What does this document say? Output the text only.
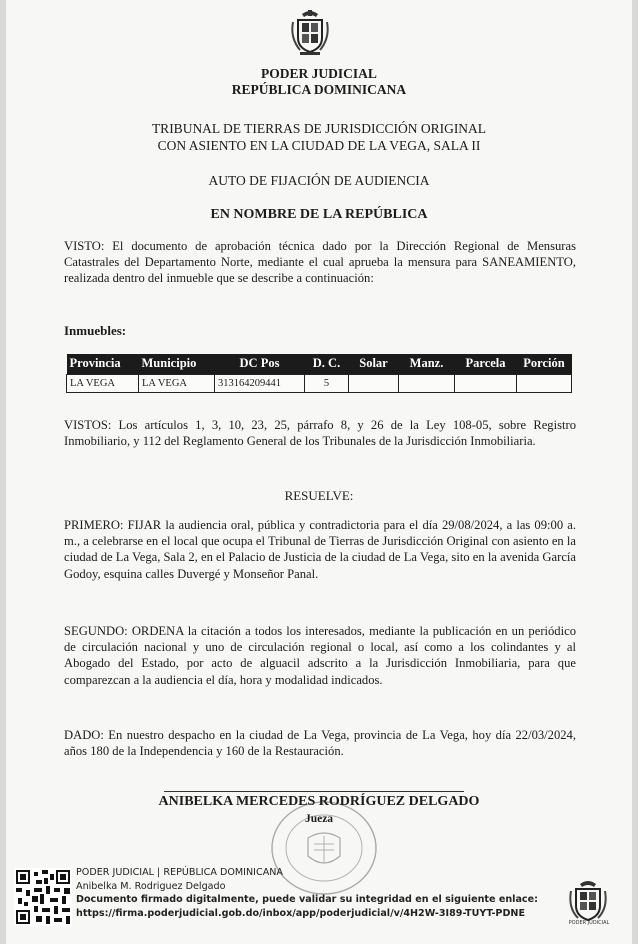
PODER JUDICIAL
REPÚBLICA DOMINICANA
TRIBUNAL DE TIERRAS DE JURISDICCIÓN ORIGINAL
CON ASIENTO EN LA CIUDAD DE LA VEGA, SALA II
AUTO DE FIJACIÓN DE AUDIENCIA
EN NOMBRE DE LA REPÚBLICA
VISTO: El documento de aprobación técnica dado por la Dirección Regional de Mensuras Catastrales del Departamento Norte, mediante el cual aprueba la mensura para SANEAMIENTO, realizada dentro del inmueble que se describe a continuación:
Inmuebles:
Provincia	Municipio	DC Pos	D. C.	Solar	Manz.	Parcela	Porción
LA VEGA	LA VEGA	313164209441	5				
VISTOS: Los artículos 1, 3, 10, 23, 25, párrafo 8, y 26 de la Ley 108-05, sobre Registro Inmobiliario, y 112 del Reglamento General de los Tribunales de la Jurisdicción Inmobiliaria.
RESUELVE:
PRIMERO: FIJAR la audiencia oral, pública y contradictoria para el día 29/08/2024, a las 09:00 a. m., a celebrarse en el local que ocupa el Tribunal de Tierras de Jurisdicción Original con asiento en la ciudad de La Vega, Sala 2, en el Palacio de Justicia de la ciudad de La Vega, sito en la avenida García Godoy, esquina calles Duvergé y Monseñor Panal.
SEGUNDO: ORDENA la citación a todos los interesados, mediante la publicación en un periódico de circulación nacional y uno de circulación regional o local, así como a los colindantes y al Abogado del Estado, por acto de alguacil adscrito a la Jurisdicción Inmobiliaria, para que comparezcan a la audiencia el día, hora y modalidad indicados.
DADO: En nuestro despacho en la ciudad de La Vega, provincia de La Vega, hoy día 22/03/2024, años 180 de la Independencia y 160 de la Restauración.
ANIBELKA MERCEDES RODRÍGUEZ DELGADO
Jueza
PODER JUDICIAL | REPÚBLICA DOMINICANA
Anibelka M. Rodriguez Delgado
Documento firmado digitalmente, puede validar su integridad en el siguiente enlace:
https://firma.poderjudicial.gob.do/inbox/app/poderjudicial/v/4H2W-3I89-TUYT-PDNE
PODER JUDICIAL
